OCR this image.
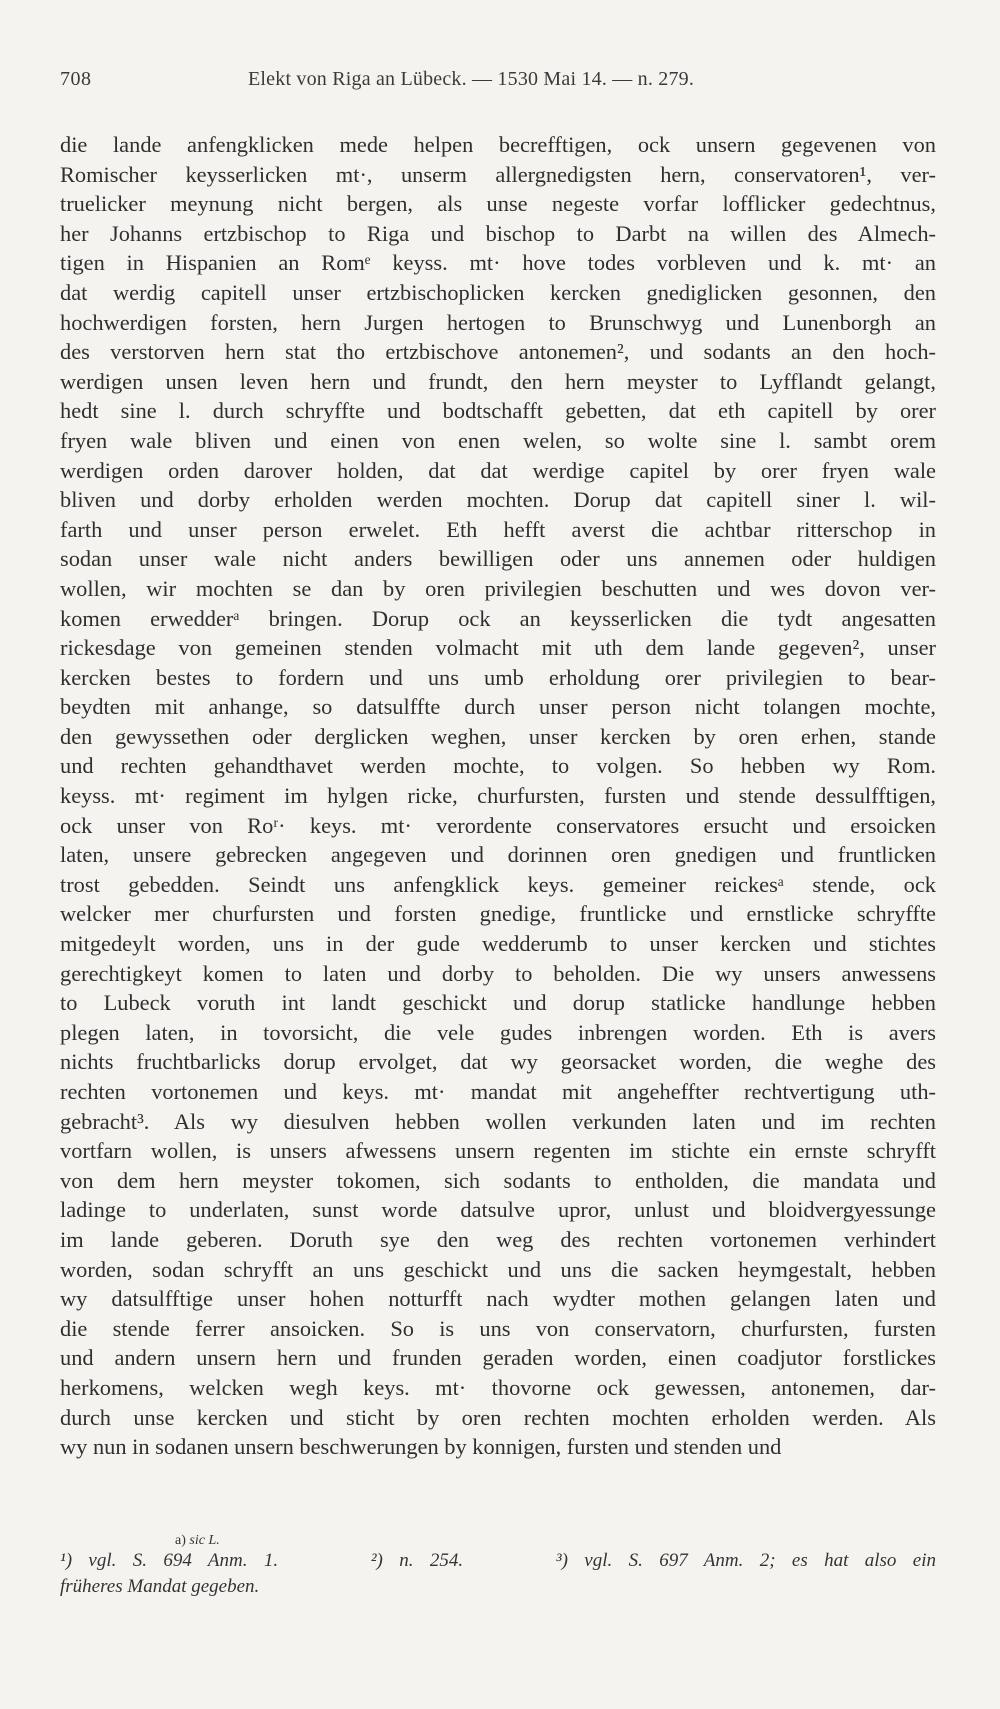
708	Elekt von Riga an Lübeck. — 1530 Mai 14. — n. 279.
die lande anfengklicken mede helpen becrefftigen, ock unsern gegevenen von
Romischer keysserlicken mt·, unserm allergnedigsten hern, conservatoren¹, ver-
truelicker meynung nicht bergen, als unse negeste vorfar lofflicker gedechtnus,
her Johanns ertzbischop to Riga und bischop to Darbt na willen des Almech-
tigen in Hispanien an Romᵉ keyss. mt· hove todes vorbleven und k. mt· an
dat werdig capitell unser ertzbischoplicken kercken gnediglicken gesonnen, den
hochwerdigen forsten, hern Jurgen hertogen to Brunschwyg und Lunenborgh an
des verstorven hern stat tho ertzbischove antonemen², und sodants an den hoch-
werdigen unsen leven hern und frundt, den hern meyster to Lyfflandt gelangt,
hedt sine l. durch schryffte und bodtschafft gebetten, dat eth capitell by orer
fryen wale bliven und einen von enen welen, so wolte sine l. sambt orem
werdigen orden darover holden, dat dat werdige capitel by orer fryen wale
bliven und dorby erholden werden mochten. Dorup dat capitell siner l. wil-
farth und unser person erwelet. Eth hefft averst die achtbar ritterschop in
sodan unser wale nicht anders bewilligen oder uns annemen oder huldigen
wollen, wir mochten se dan by oren privilegien beschutten und wes dovon ver-
komen erwedderᵃ bringen. Dorup ock an keysserlicken die tydt angesatten
rickesdage von gemeinen stenden volmacht mit uth dem lande gegeven², unser
kercken bestes to fordern und uns umb erholdung orer privilegien to bear-
beydten mit anhange, so datsulffte durch unser person nicht tolangen mochte,
den gewyssethen oder derglicken weghen, unser kercken by oren erhen, stande
und rechten gehandthavet werden mochte, to volgen. So hebben wy Rom.
keyss. mt· regiment im hylgen ricke, churfursten, fursten und stende dessulfftigen,
ock unser von Roʳ· keys. mt· verordente conservatores ersucht und ersoicken
laten, unsere gebrecken angegeven und dorinnen oren gnedigen und fruntlicken
trost gebedden. Seindt uns anfengklick keys. gemeiner reickesᵃ stende, ock
welcker mer churfursten und forsten gnedige, fruntlicke und ernstlicke schryffte
mitgedeylt worden, uns in der gude wedderumb to unser kercken und stichtes
gerechtigkeyt komen to laten und dorby to beholden. Die wy unsers anwessens
to Lubeck voruth int landt geschickt und dorup statlicke handlunge hebben
plegen laten, in tovorsicht, die vele gudes inbrengen worden. Eth is avers
nichts fruchtbarlicks dorup ervolget, dat wy georsacket worden, die weghe des
rechten vortonemen und keys. mt· mandat mit angeheffter rechtvertigung uth-
gebracht³. Als wy diesulven hebben wollen verkunden laten und im rechten
vortfarn wollen, is unsers afwessens unsern regenten im stichte ein ernste schryfft
von dem hern meyster tokomen, sich sodants to entholden, die mandata und
ladinge to underlaten, sunst worde datsulve upror, unlust und bloidvergyessunge
im lande geberen. Doruth sye den weg des rechten vortonemen verhindert
worden, sodan schryfft an uns geschickt und uns die sacken heymgestalt, hebben
wy datsulfftige unser hohen notturfft nach wydter mothen gelangen laten und
die stende ferrer ansoicken. So is uns von conservatorn, churfursten, fursten
und andern unsern hern und frunden geraden worden, einen coadjutor forstlickes
herkomens, welcken wegh keys. mt· thovorne ock gewessen, antonemen, dar-
durch unse kercken und sticht by oren rechten mochten erholden werden. Als
wy nun in sodanen unsern beschwerungen by konnigen, fursten und stenden und
a) sic L.
¹) vgl. S. 694 Anm. 1.	²) n. 254.	³) vgl. S. 697 Anm. 2; es hat also ein
früheres Mandat gegeben.
